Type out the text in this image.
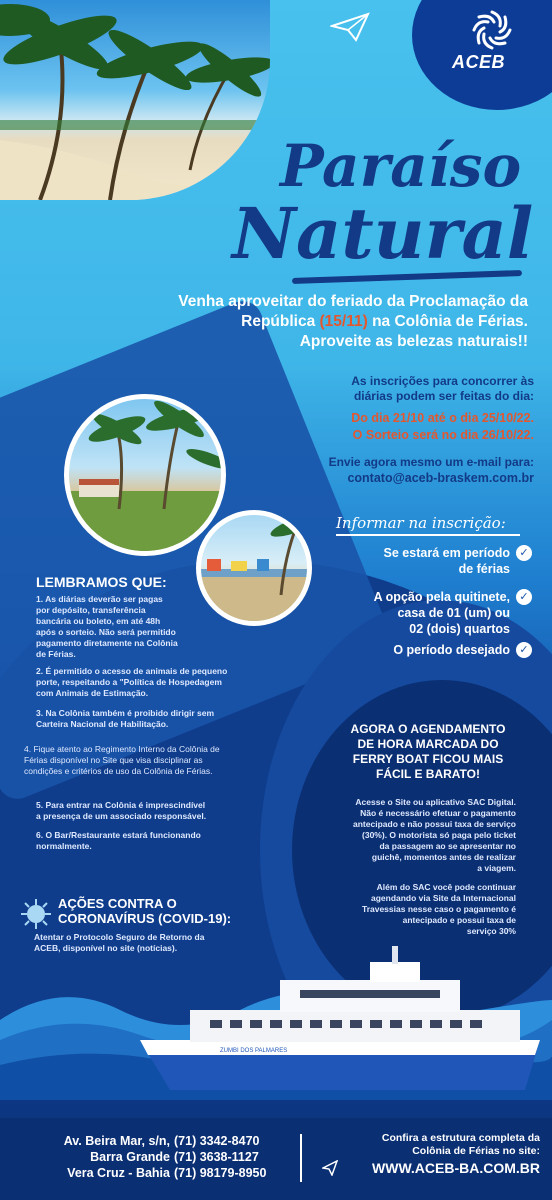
ACEB
Paraíso
Natural
Venha aproveitar do feriado da Proclamação da
República (15/11) na Colônia de Férias.
Aproveite as belezas naturais!!
As inscrições para concorrer às
diárias podem ser feitas do dia:
Do dia 21/10 até o dia 25/10/22.
O Sorteio será no dia 26/10/22.
Envie agora mesmo um e-mail para:
contato@aceb-braskem.com.br
Informar na inscrição:
Se estará em período
de férias
✓
A opção pela quitinete,
casa de 01 (um) ou
02 (dois) quartos
✓
O período desejado ✓
LEMBRAMOS QUE:
1. As diárias deverão ser pagas
por depósito, transferência
bancária ou boleto, em até 48h
após o sorteio. Não será permitido
pagamento diretamente na Colônia
de Férias.
2. É permitido o acesso de animais de pequeno
porte, respeitando a "Política de Hospedagem
com Animais de Estimação.
3. Na Colônia também é proibido dirigir sem
Carteira Nacional de Habilitação.
4. Fique atento ao Regimento Interno da Colônia de
Férias disponível no Site que visa disciplinar as
condições e critérios de uso da Colônia de Férias.
5. Para entrar na Colônia é imprescindível
a presença de um associado responsável.
6. O Bar/Restaurante estará funcionando
normalmente.
AÇÕES CONTRA O
CORONAVÍRUS (COVID-19):
Atentar o Protocolo Seguro de Retorno da
ACEB, disponível no site (notícias).
AGORA O AGENDAMENTO
DE HORA MARCADA DO
FERRY BOAT FICOU MAIS
FÁCIL E BARATO!
Acesse o Site ou aplicativo SAC Digital.
Não é necessário efetuar o pagamento
antecipado e não possui taxa de serviço
(30%). O motorista só paga pelo ticket
da passagem ao se apresentar no
guichê, momentos antes de realizar
a viagem.
Além do SAC você pode continuar
agendando via Site da Internacional
Travessias nesse caso o pagamento é
antecipado e possui taxa de
serviço 30%
ZUMBI DOS PALMARES
Av. Beira Mar, s/n,
Barra Grande
Vera Cruz - Bahia
(71) 3342-8470
(71) 3638-1127
(71) 98179-8950
Confira a estrutura completa da
Colônia de Férias no site:
WWW.ACEB-BA.COM.BR
